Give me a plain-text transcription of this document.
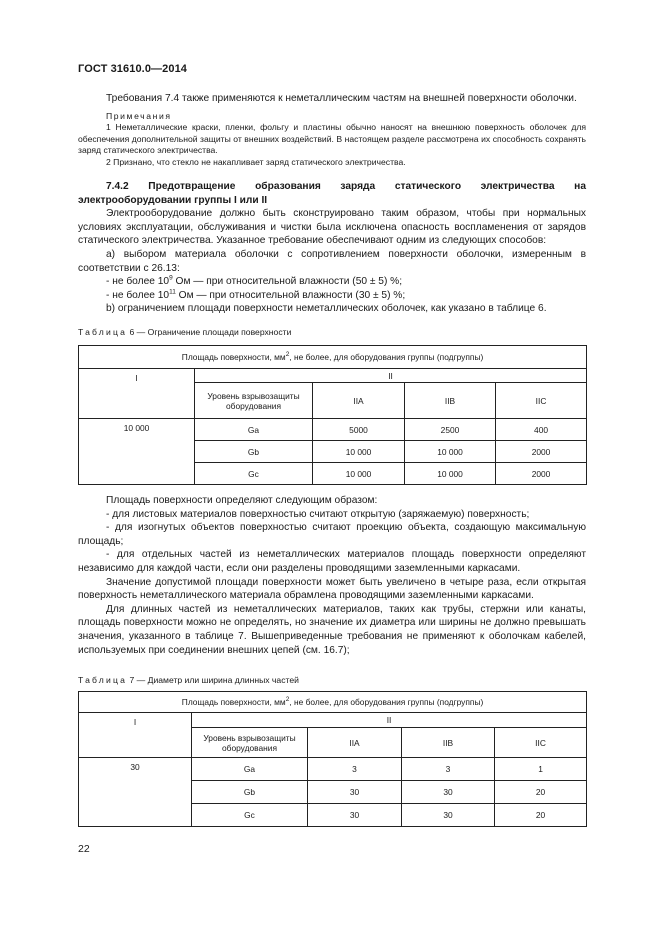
ГОСТ 31610.0—2014

Требования 7.4 также применяются к неметаллическим частям на внешней поверхности оболочки.

Примечания

1 Неметаллические краски, пленки, фольгу и пластины обычно наносят на внешнюю поверхность оболочек для обеспечения дополнительной защиты от внешних воздействий. В настоящем разделе рассмотрена их способность сохранять заряд статического электричества.

2 Признано, что стекло не накапливает заряд статического электричества.

7.4.2 Предотвращение образования заряда статического электричества на электрооборудовании группы I или II

Электрооборудование должно быть сконструировано таким образом, чтобы при нормальных условиях эксплуатации, обслуживания и чистки была исключена опасность воспламенения от зарядов статического электричества. Указанное требование обеспечивают одним из следующих способов:

a) выбором материала оболочки с сопротивлением поверхности оболочки, измеренным в соответствии с 26.13:

- не более $10^9$ Ом — при относительной влажности (50 ± 5) %;

- не более $10^{11}$ Ом — при относительной влажности (30 ± 5) %;

b) ограничением площади поверхности неметаллических оболочек, как указано в таблице 6.

Таблица 6 — Ограничение площади поверхности
Площадь поверхности, $мм^2$, не более, для оборудования группы (подгруппы)				
I	II			
	Уровень взрывозащиты оборудования	IIA	IIB	IIC
10 000	Ga	5000	2500	400
	Gb	10 000	10 000	2000
	Gc	10 000	10 000	2000

Площадь поверхности определяют следующим образом:

- для листовых материалов поверхностью считают открытую (заряжаемую) поверхность;

- для изогнутых объектов поверхностью считают проекцию объекта, создающую максимальную площадь;

- для отдельных частей из неметаллических материалов площадь поверхности определяют независимо для каждой части, если они разделены проводящими заземленными каркасами.

Значение допустимой площади поверхности может быть увеличено в четыре раза, если открытая поверхность неметаллического материала обрамлена проводящими заземленными каркасами.

Для длинных частей из неметаллических материалов, таких как трубы, стержни или канаты, площадь поверхности можно не определять, но значение их диаметра или ширины не должно превышать значения, указанного в таблице 7. Вышеприведенные требования не применяют к оболочкам кабелей, используемых при соединении внешних цепей (см. 16.7);

Таблица 7 — Диаметр или ширина длинных частей
Площадь поверхности, $мм^2$, не более, для оборудования группы (подгруппы)				
I	II			
	Уровень взрывозащиты оборудования	IIA	IIB	IIC
30	Ga	3	3	1
	Gb	30	30	20
	Gc	30	30	20
22
